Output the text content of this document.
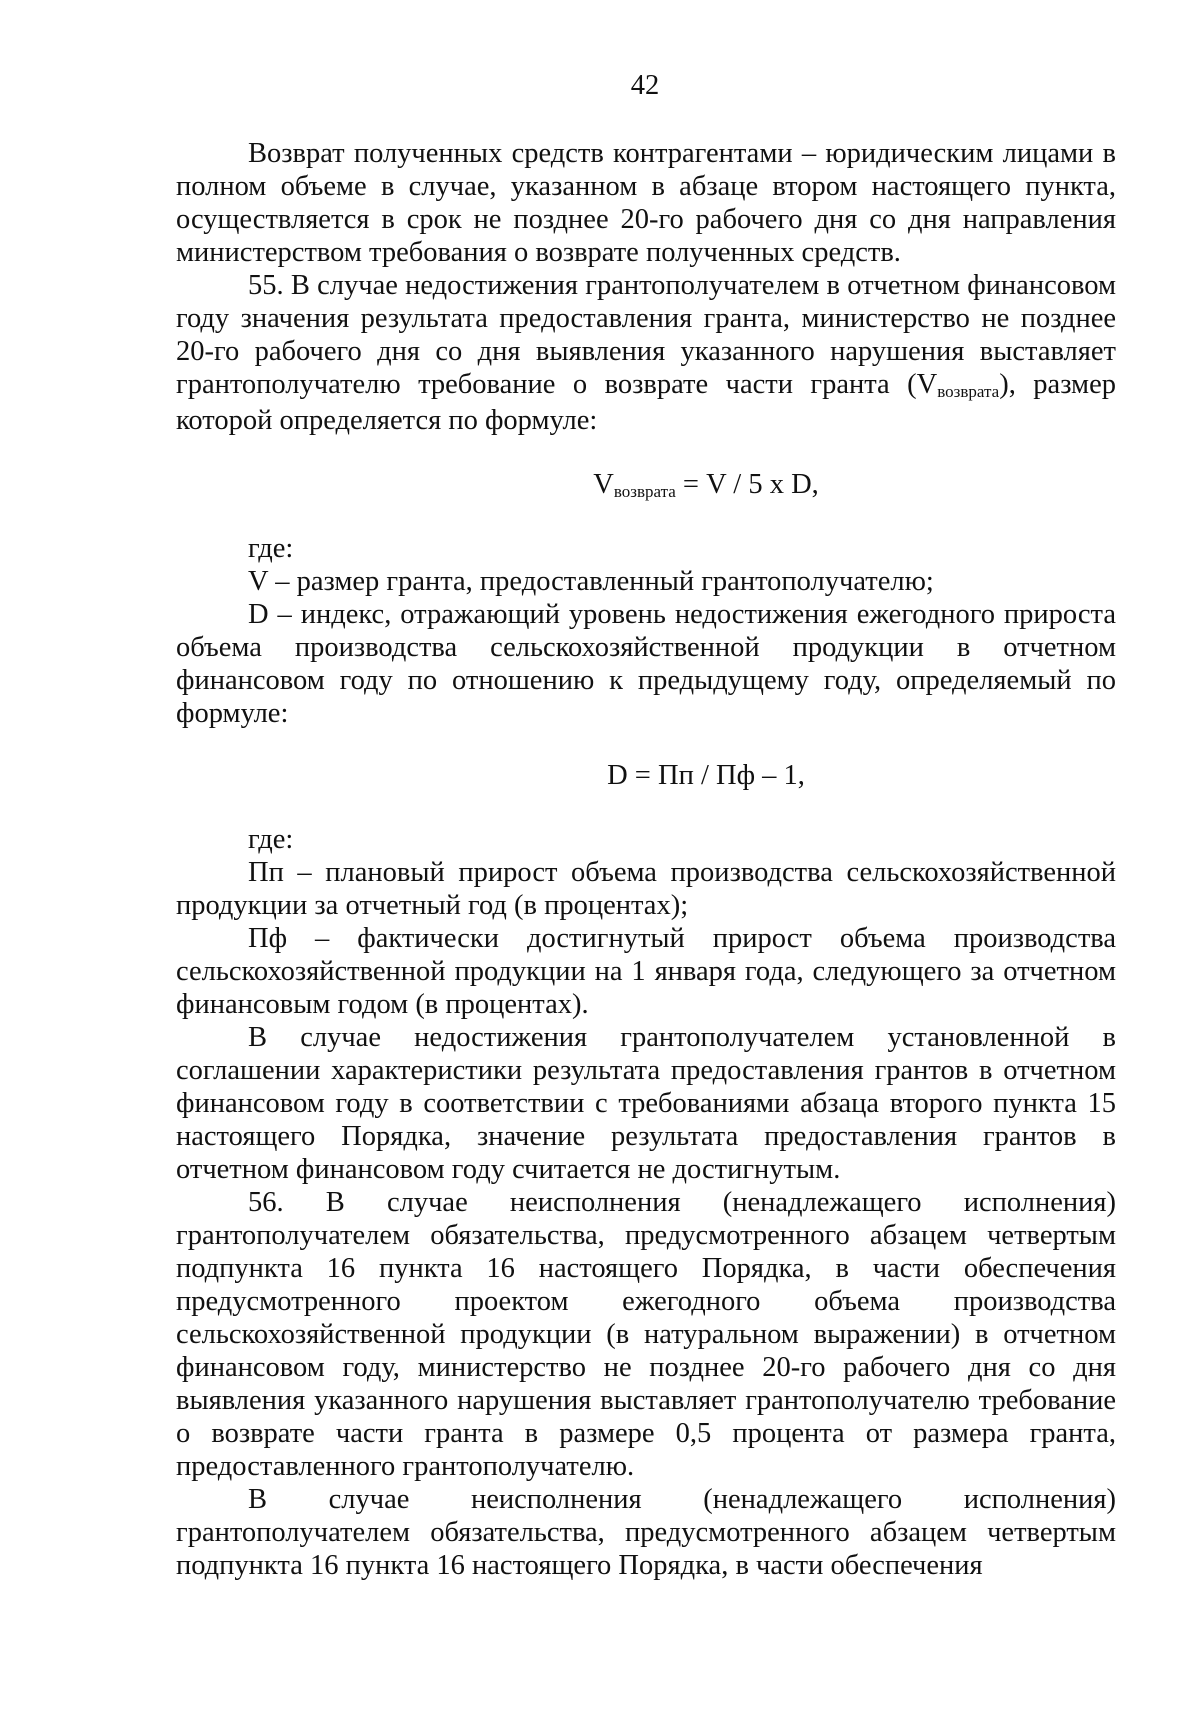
42

Возврат полученных средств контрагентами – юридическим лицами в полном объеме в случае, указанном в абзаце втором настоящего пункта, осуществляется в срок не позднее 20-го рабочего дня со дня направления министерством требования о возврате полученных средств.

55. В случае недостижения грантополучателем в отчетном финансовом году значения результата предоставления гранта, министерство не позднее 20-го рабочего дня со дня выявления указанного нарушения выставляет грантополучателю требование о возврате части гранта (Vвозврата), размер которой определяется по формуле:

Vвозврата = V / 5 x D,

где:

V – размер гранта, предоставленный грантополучателю;

D – индекс, отражающий уровень недостижения ежегодного прироста объема производства сельскохозяйственной продукции в отчетном финансовом году по отношению к предыдущему году, определяемый по формуле:

D = Пп / Пф – 1,

где:

Пп – плановый прирост объема производства сельскохозяйственной продукции за отчетный год (в процентах);

Пф – фактически достигнутый прирост объема производства сельскохозяйственной продукции на 1 января года, следующего за отчетном финансовым годом (в процентах).

В случае недостижения грантополучателем установленной в соглашении характеристики результата предоставления грантов в отчетном финансовом году в соответствии с требованиями абзаца второго пункта 15 настоящего Порядка, значение результата предоставления грантов в отчетном финансовом году считается не достигнутым.

56. В случае неисполнения (ненадлежащего исполнения) грантополучателем обязательства, предусмотренного абзацем четвертым подпункта 16 пункта 16 настоящего Порядка, в части обеспечения предусмотренного проектом ежегодного объема производства сельскохозяйственной продукции (в натуральном выражении) в отчетном финансовом году, министерство не позднее 20-го рабочего дня со дня выявления указанного нарушения выставляет грантополучателю требование о возврате части гранта в размере 0,5 процента от размера гранта, предоставленного грантополучателю.

В случае неисполнения (ненадлежащего исполнения) грантополучателем обязательства, предусмотренного абзацем четвертым подпункта 16 пункта 16 настоящего Порядка, в части обеспечения
